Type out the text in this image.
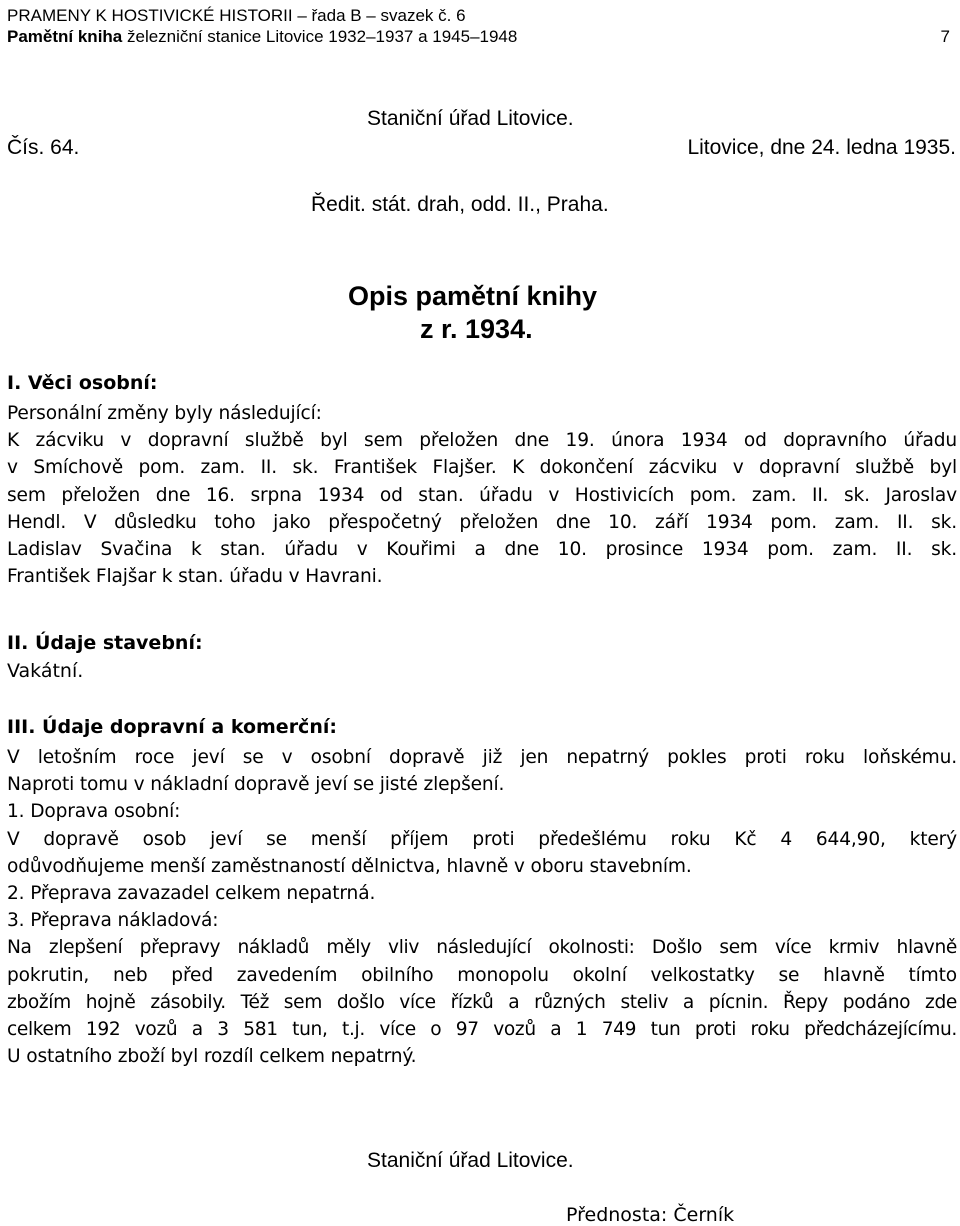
PRAMENY K HOSTIVICKÉ HISTORII – řada B – svazek č. 6
Pamětní kniha železniční stanice Litovice 1932–1937 a 1945–1948	7
Staniční úřad Litovice.
Čís. 64.	Litovice, dne 24. ledna 1935.
Ředit. stát. drah, odd. II., Praha.
Opis pamětní knihy
z r. 1934.
I. Věci osobní:
Personální změny byly následující:
K zácviku v dopravní službě byl sem přeložen dne 19. února 1934 od dopravního úřadu
v Smíchově pom. zam. II. sk. František Flajšer. K dokončení zácviku v dopravní službě byl
sem přeložen dne 16. srpna 1934 od stan. úřadu v Hostivicích pom. zam. II. sk. Jaroslav
Hendl. V důsledku toho jako přespočetný přeložen dne 10. září 1934 pom. zam. II. sk.
Ladislav Svačina k stan. úřadu v Kouřimi a dne 10. prosince 1934 pom. zam. II. sk.
František Flajšar k stan. úřadu v Havrani.
II. Údaje stavební:
Vakátní.
III. Údaje dopravní a komerční:
V letošním roce jeví se v osobní dopravě již jen nepatrný pokles proti roku loňskému.
Naproti tomu v nákladní dopravě jeví se jisté zlepšení.
1. Doprava osobní:
V dopravě osob jeví se menší příjem proti předešlému roku Kč 4 644,90, který
odůvodňujeme menší zaměstnaností dělnictva, hlavně v oboru stavebním.
2. Přeprava zavazadel celkem nepatrná.
3. Přeprava nákladová:
Na zlepšení přepravy nákladů měly vliv následující okolnosti: Došlo sem více krmiv hlavně
pokrutin, neb před zavedením obilního monopolu okolní velkostatky se hlavně tímto
zbožím hojně zásobily. Též sem došlo více řízků a různých steliv a pícnin. Řepy podáno zde
celkem 192 vozů a 3 581 tun, t.j. více o 97 vozů a 1 749 tun proti roku předcházejícímu.
U ostatního zboží byl rozdíl celkem nepatrný.
Staniční úřad Litovice.
Přednosta: Černík
